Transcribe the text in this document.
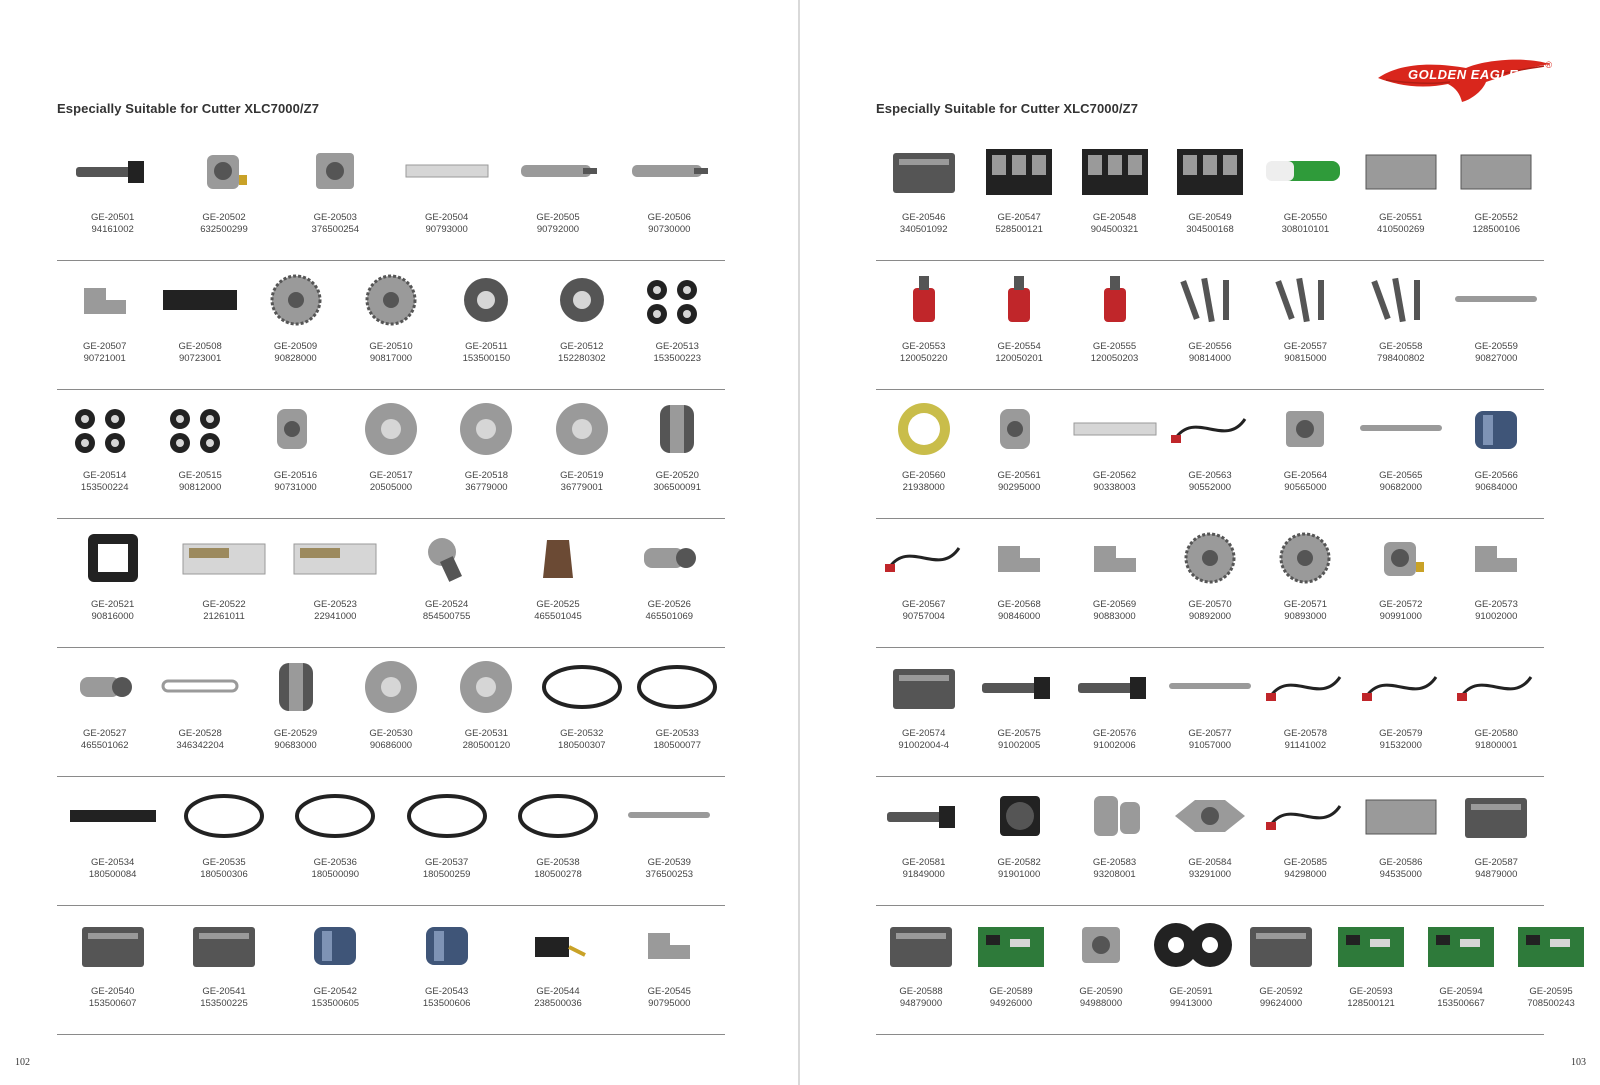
Especially Suitable for Cutter XLC7000/Z7
GE-20501
94161002
GE-20502
632500299
GE-20503
376500254
GE-20504
90793000
GE-20505
90792000
GE-20506
90730000
GE-20507
90721001
GE-20508
90723001
GE-20509
90828000
GE-20510
90817000
GE-20511
153500150
GE-20512
152280302
GE-20513
153500223
GE-20514
153500224
GE-20515
90812000
GE-20516
90731000
GE-20517
20505000
GE-20518
36779000
GE-20519
36779001
GE-20520
306500091
GE-20521
90816000
GE-20522
21261011
GE-20523
22941000
GE-20524
854500755
GE-20525
465501045
GE-20526
465501069
GE-20527
465501062
GE-20528
346342204
GE-20529
90683000
GE-20530
90686000
GE-20531
280500120
GE-20532
180500307
GE-20533
180500077
GE-20534
180500084
GE-20535
180500306
GE-20536
180500090
GE-20537
180500259
GE-20538
180500278
GE-20539
376500253
GE-20540
153500607
GE-20541
153500225
GE-20542
153500605
GE-20543
153500606
GE-20544
238500036
GE-20545
90795000
102
GOLDEN EAGLE
®
Especially Suitable for Cutter XLC7000/Z7
GE-20546
340501092
GE-20547
528500121
GE-20548
904500321
GE-20549
304500168
GE-20550
308010101
GE-20551
410500269
GE-20552
128500106
GE-20553
120050220
GE-20554
120050201
GE-20555
120050203
GE-20556
90814000
GE-20557
90815000
GE-20558
798400802
GE-20559
90827000
GE-20560
21938000
GE-20561
90295000
GE-20562
90338003
GE-20563
90552000
GE-20564
90565000
GE-20565
90682000
GE-20566
90684000
GE-20567
90757004
GE-20568
90846000
GE-20569
90883000
GE-20570
90892000
GE-20571
90893000
GE-20572
90991000
GE-20573
91002000
GE-20574
91002004-4
GE-20575
91002005
GE-20576
91002006
GE-20577
91057000
GE-20578
91141002
GE-20579
91532000
GE-20580
91800001
GE-20581
91849000
GE-20582
91901000
GE-20583
93208001
GE-20584
93291000
GE-20585
94298000
GE-20586
94535000
GE-20587
94879000
GE-20588
94879000
GE-20589
94926000
GE-20590
94988000
GE-20591
99413000
GE-20592
99624000
GE-20593
128500121
GE-20594
153500667
GE-20595
708500243
103
